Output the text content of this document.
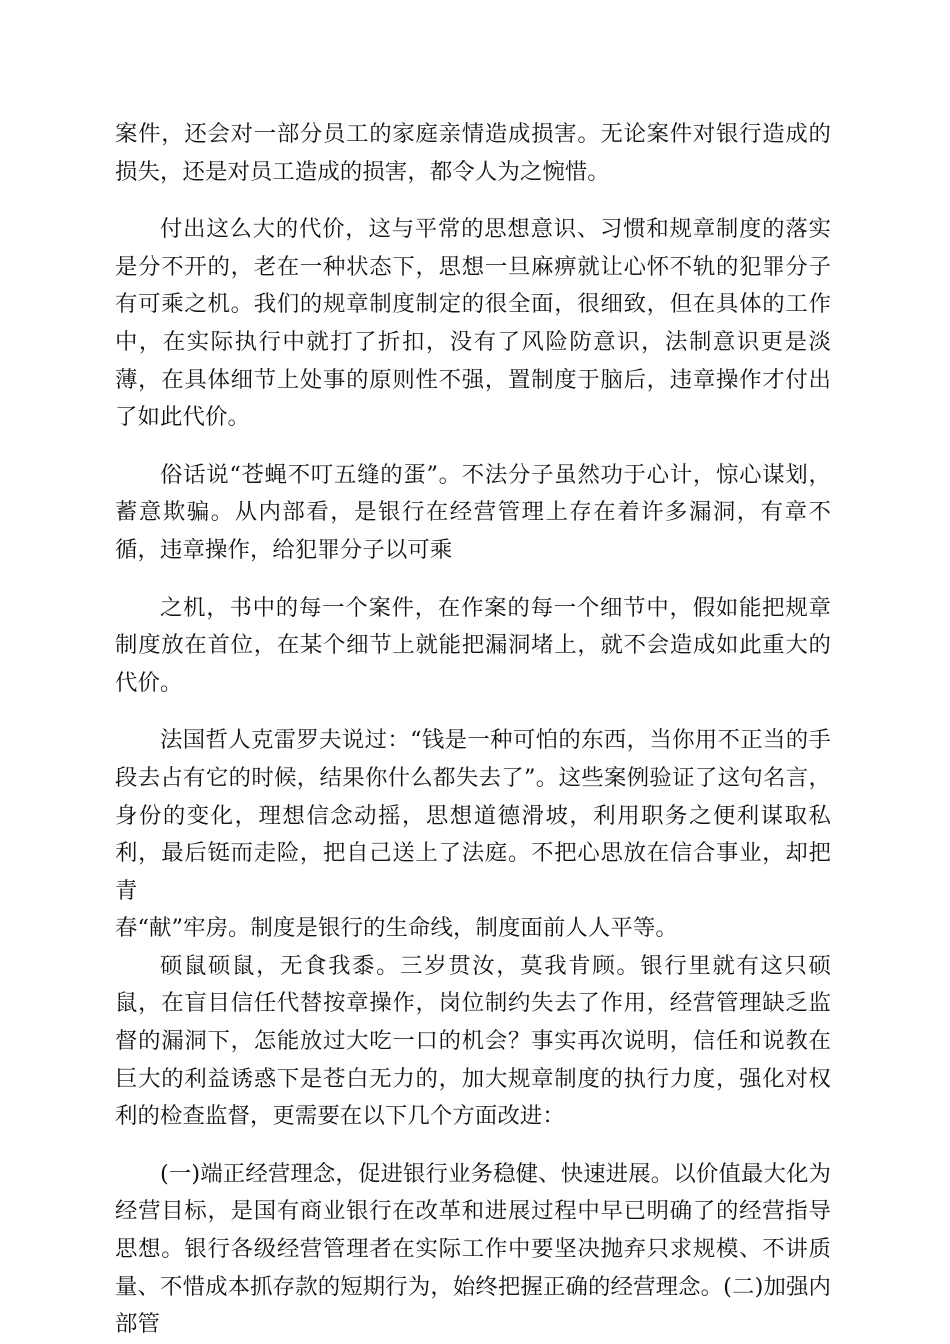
案件，还会对一部分员工的家庭亲情造成损害。无论案件对银行造成的损失，还是对员工造成的损害，都令人为之惋惜。

付出这么大的代价，这与平常的思想意识、习惯和规章制度的落实是分不开的，老在一种状态下，思想一旦麻痹就让心怀不轨的犯罪分子有可乘之机。我们的规章制度制定的很全面，很细致，但在具体的工作中，在实际执行中就打了折扣，没有了风险防意识，法制意识更是淡薄，在具体细节上处事的原则性不强，置制度于脑后，违章操作才付出了如此代价。

俗话说“苍蝇不叮五缝的蛋”。不法分子虽然功于心计，惊心谋划，蓄意欺骗。从内部看，是银行在经营管理上存在着许多漏洞，有章不循，违章操作，给犯罪分子以可乘

之机，书中的每一个案件，在作案的每一个细节中，假如能把规章制度放在首位，在某个细节上就能把漏洞堵上，就不会造成如此重大的代价。

法国哲人克雷罗夫说过：“钱是一种可怕的东西，当你用不正当的手段去占有它的时候，结果你什么都失去了”。这些案例验证了这句名言，身份的变化，理想信念动摇，思想道德滑坡，利用职务之便利谋取私利，最后铤而走险，把自己送上了法庭。不把心思放在信合事业，却把青

春“献”牢房。制度是银行的生命线，制度面前人人平等。

硕鼠硕鼠，无食我黍。三岁贯汝，莫我肯顾。银行里就有这只硕鼠，在盲目信任代替按章操作，岗位制约失去了作用，经营管理缺乏监督的漏洞下，怎能放过大吃一口的机会？事实再次说明，信任和说教在巨大的利益诱惑下是苍白无力的，加大规章制度的执行力度，强化对权利的检查监督，更需要在以下几个方面改进：

(一)端正经营理念，促进银行业务稳健、快速进展。以价值最大化为经营目标，是国有商业银行在改革和进展过程中早已明确了的经营指导思想。银行各级经营管理者在实际工作中要坚决抛弃只求规模、不讲质量、不惜成本抓存款的短期行为，始终把握正确的经营理念。(二)加强内部管
